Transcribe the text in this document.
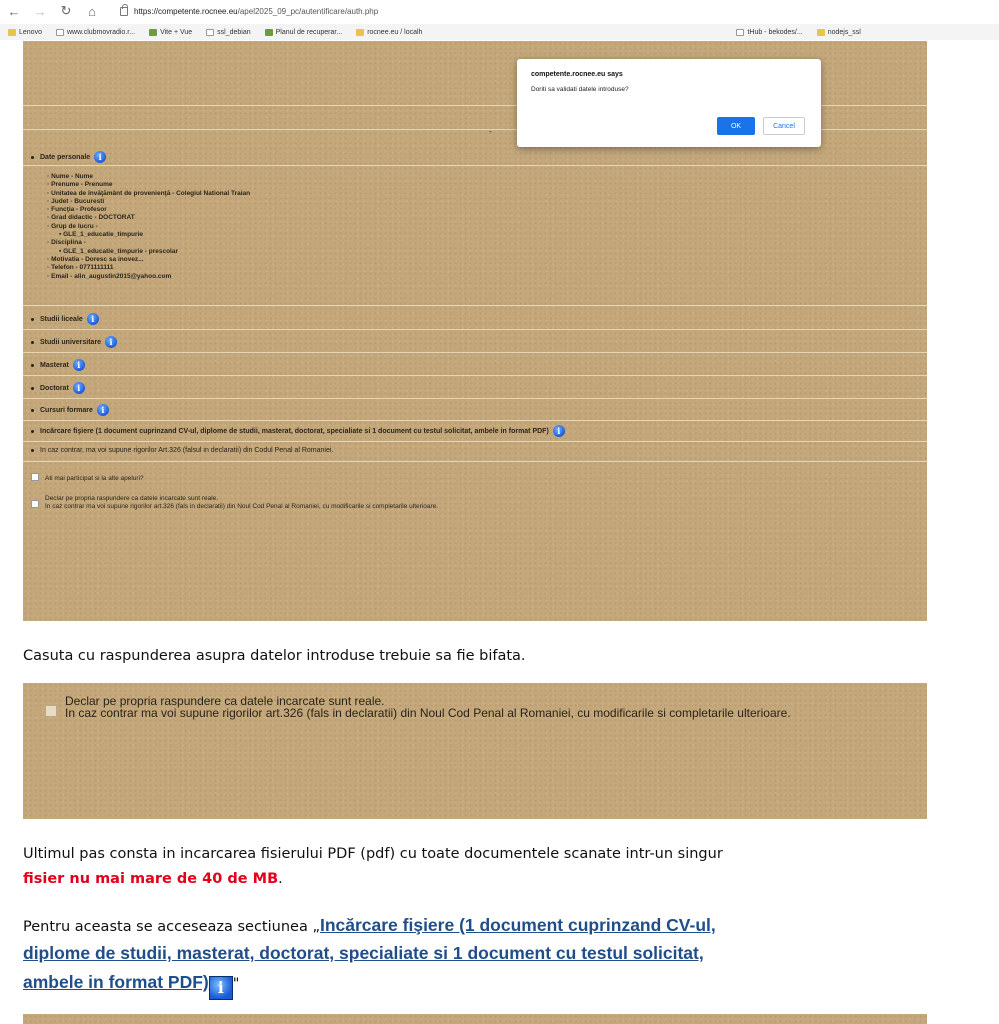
← → ↻	⌂	https://competente.rocnee.eu/apel2025_09_pc/autentificare/auth.php
Lenovo	www.clubmovradio.r...	Vite + Vue	ssl_debian	Planul de recuperar...	rocnee.eu / localh	tHub - bekodes/...	nodejs_ssl
Date personale	i
◦ Nume - Nume
◦ Prenume - Prenume
◦ Unitatea de învăţământ de provenienţă - Colegiul National Traian
◦ Judet - Bucuresti
◦ Funcţia - Profesor
◦ Grad didactic - DOCTORAT
◦ Grup de lucru -
▪ GLE_1_educatie_timpurie
◦ Disciplina -
▪ GLE_1_educatie_timpurie - prescolar
◦ Motivatia - Doresc sa inovez...
◦ Telefon - 0771111111
◦ Email - alin_augustin2015@yahoo.com
Studii liceale	i
Studii universitare	i
Masterat	i
Doctorat	i
Cursuri formare	i
Incărcare fişiere (1 document cuprinzand CV-ul, diplome de studii, masterat, doctorat, specialiate si 1 document cu testul solicitat, ambele in format PDF)	i
In caz contrar, ma voi supune rigorilor Art.326 (falsul in declaratii) din Codul Penal al Romaniei.
Ati mai participat si la alte apeluri?
Declar pe propria raspundere ca datele incarcate sunt reale.
In caz contrar ma voi supune rigorilor art.326 (fals in declaratii) din Noul Cod Penal al Romaniei, cu modificarile si completarile ulterioare.
-
competente.rocnee.eu says
Doriti sa validati datele introduse?
OK	Cancel
Casuta cu raspunderea asupra datelor introduse trebuie sa fie bifata.
Declar pe propria raspundere ca datele incarcate sunt reale.
In caz contrar ma voi supune rigorilor art.326 (fals in declaratii) din Noul Cod Penal al Romaniei, cu modificarile si completarile ulterioare.
Ultimul pas consta in incarcarea fisierului PDF (pdf) cu toate documentele scanate intr-un singur
fisier nu mai mare de 40 de MB.
Pentru aceasta se acceseaza sectiunea „Incărcare fişiere (1 document cuprinzand CV-ul,
diplome de studii, masterat, doctorat, specialiate si 1 document cu testul solicitat,
ambele in format PDF) i "
